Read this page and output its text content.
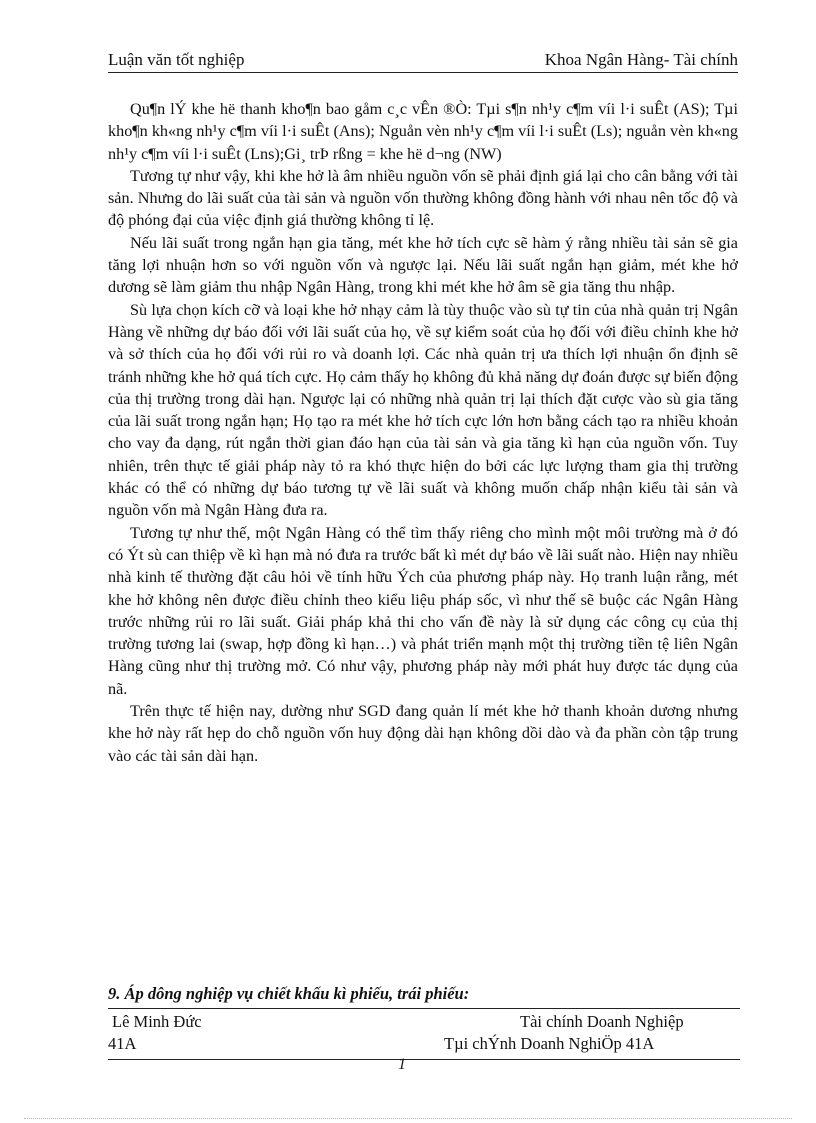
Luận văn tốt nghiệp	Khoa Ngân Hàng- Tài chính

Qu¶n lÝ khe hë thanh kho¶n bao gåm c¸c vÊn ®Ò: Tµi s¶n nh¹y c¶m víi l·i suÊt (AS); Tµi kho¶n kh«ng nh¹y c¶m víi l·i suÊt (Ans); Nguån vèn nh¹y c¶m víi l·i suÊt (Ls); nguån vèn kh«ng nh¹y c¶m víi l·i suÊt (Lns);Gi¸ trÞ rßng = khe hë d¬ng (NW)

Tương tự như vậy, khi khe hở là âm nhiều nguồn vốn sẽ phải định giá lại cho cân bằng với tài sản. Nhưng do lãi suất của tài sản và nguồn vốn thường không đồng hành với nhau nên tốc độ và độ phóng đại của việc định giá thường không tỉ lệ.

Nếu lãi suất trong ngắn hạn gia tăng, mét khe hở tích cực sẽ hàm ý rằng nhiều tài sản sẽ gia tăng lợi nhuận hơn so với nguồn vốn và ngược lại. Nếu lãi suất ngắn hạn giảm, mét khe hở dương sẽ làm giảm thu nhập Ngân Hàng, trong khi mét khe hở âm sẽ gia tăng thu nhập.

Sù lựa chọn kích cỡ và loại khe hở nhạy cảm là tùy thuộc vào sù tự tin của nhà quản trị Ngân Hàng về những dự báo đối với lãi suất của họ, về sự kiểm soát của họ đối với điều chỉnh khe hở và sở thích của họ đối với rủi ro và doanh lợi. Các nhà quản trị ưa thích lợi nhuận ổn định sẽ tránh những khe hở quá tích cực. Họ cảm thấy họ không đủ khả năng dự đoán được sự biến động của thị trường trong dài hạn. Ngược lại có những nhà quản trị lại thích đặt cược vào sù gia tăng của lãi suất trong ngắn hạn; Họ tạo ra mét khe hở tích cực lớn hơn bằng cách tạo ra nhiều khoản cho vay đa dạng, rút ngắn thời gian đáo hạn của tài sản và gia tăng kì hạn của nguồn vốn. Tuy nhiên, trên thực tế giải pháp này tỏ ra khó thực hiện do bởi các lực lượng tham gia thị trường khác có thể có những dự báo tương tự về lãi suất và không muốn chấp nhận kiểu tài sản và nguồn vốn mà Ngân Hàng đưa ra.

Tương tự như thế, một Ngân Hàng có thể tìm thấy riêng cho mình một môi trường mà ở đó có Ýt sù can thiệp về kì hạn mà nó đưa ra trước bất kì mét dự báo về lãi suất nào. Hiện nay nhiều nhà kinh tế thường đặt câu hỏi về tính hữu Ých của phương pháp này. Họ tranh luận rằng, mét khe hở không nên được điều chỉnh theo kiểu liệu pháp sốc, vì như thế sẽ buộc các Ngân Hàng trước những rủi ro lãi suất. Giải pháp khả thi cho vấn đề này là sử dụng các công cụ của thị trường tương lai (swap, hợp đồng kì hạn…) và phát triển mạnh một thị trường tiền tệ liên Ngân Hàng cũng như thị trường mở. Có như vậy, phương pháp này mới phát huy được tác dụng của nã.

Trên thực tế hiện nay, dường như SGD đang quản lí mét khe hở thanh khoản dương nhưng khe hở này rất hẹp do chỗ nguồn vốn huy động dài hạn không dồi dào và đa phần còn tập trung vào các tài sản dài hạn.

9. Áp dông nghiệp vụ chiết khấu kì phiếu, trái phiếu:
Lê Minh Đức	Tài chính Doanh Nghiệp
41A	Tµi chÝnh Doanh NghiÖp 41A
1
